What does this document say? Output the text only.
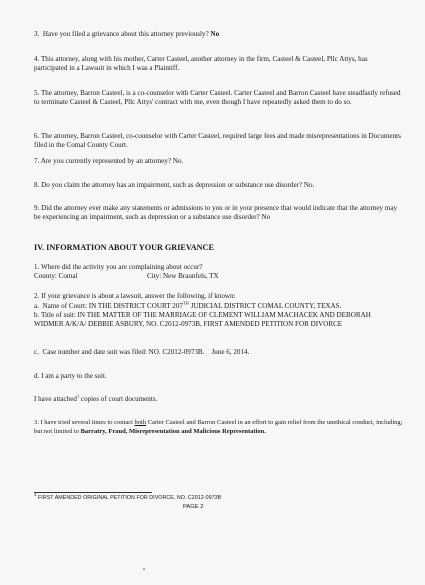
3.  Have you filed a grievance about this attorney previously? No

4. This attorney, along with his mother, Carter Casteel, another attorney in the firm, Casteel & Casteel, Pllc Attys, has participated in a Lawsuit in which I was a Plaintiff.

5. The attorney, Barron Casteel, is a co-counselor with Carter Casteel. Carter Casteel and Barron Casteel have steadfastly refused to terminate Casteel & Casteel, Pllc Attys' contract with me, even though I have repeatedly asked them to do so.

6. The attorney, Barron Casteel, co-counselor with Carter Casteel, required large fees and made misrepresentations in Documents filed in the Comal County Court.

7. Are you currently represented by an attorney? No.

8. Do you claim the attorney has an impairment, such as depression or substance use disorder? No.

9. Did the attorney ever make any statements or admissions to you or in your presence that would indicate that the attorney may be experiencing an impairment, such as depression or a substance use disorder? No

IV. INFORMATION ABOUT YOUR GRIEVANCE

1. Where did the activity you are complaining about occur?

County: Comal	City: New Braunfels, TX

2. If your grievance is about a lawsuit, answer the following, if known:

a.  Name of Court: IN THE DISTRICT COURT 207TH JUDICIAL DISTRICT COMAL COUNTY, TEXAS.

b. Title of suit: IN THE MATTER OF THE MARRIAGE OF CLEMENT WILLIAM MACHACEK AND DEBORAH WIDMER A/K/A/ DEBBIE ASBURY, NO. C2012-0973B, FIRST AMENDED PETITION FOR DIVORCE

c.  Case number and date suit was filed: NO. C2012-0973B.    June 6, 2014.

d. I am a party to the suit.

I have attached$^1$ copies of court documents.

3. I have tried several times to contact both Carter Casteel and Barron Casteel in an effort to gain relief from the unethical conduct, including; but not limited to Barratry, Fraud, Misrepresentation and Malicious Representation.

$^1$ FIRST AMENDED ORIGINAL PETITION FOR DIVORCE, NO. C2012-0973B
PAGE 2
